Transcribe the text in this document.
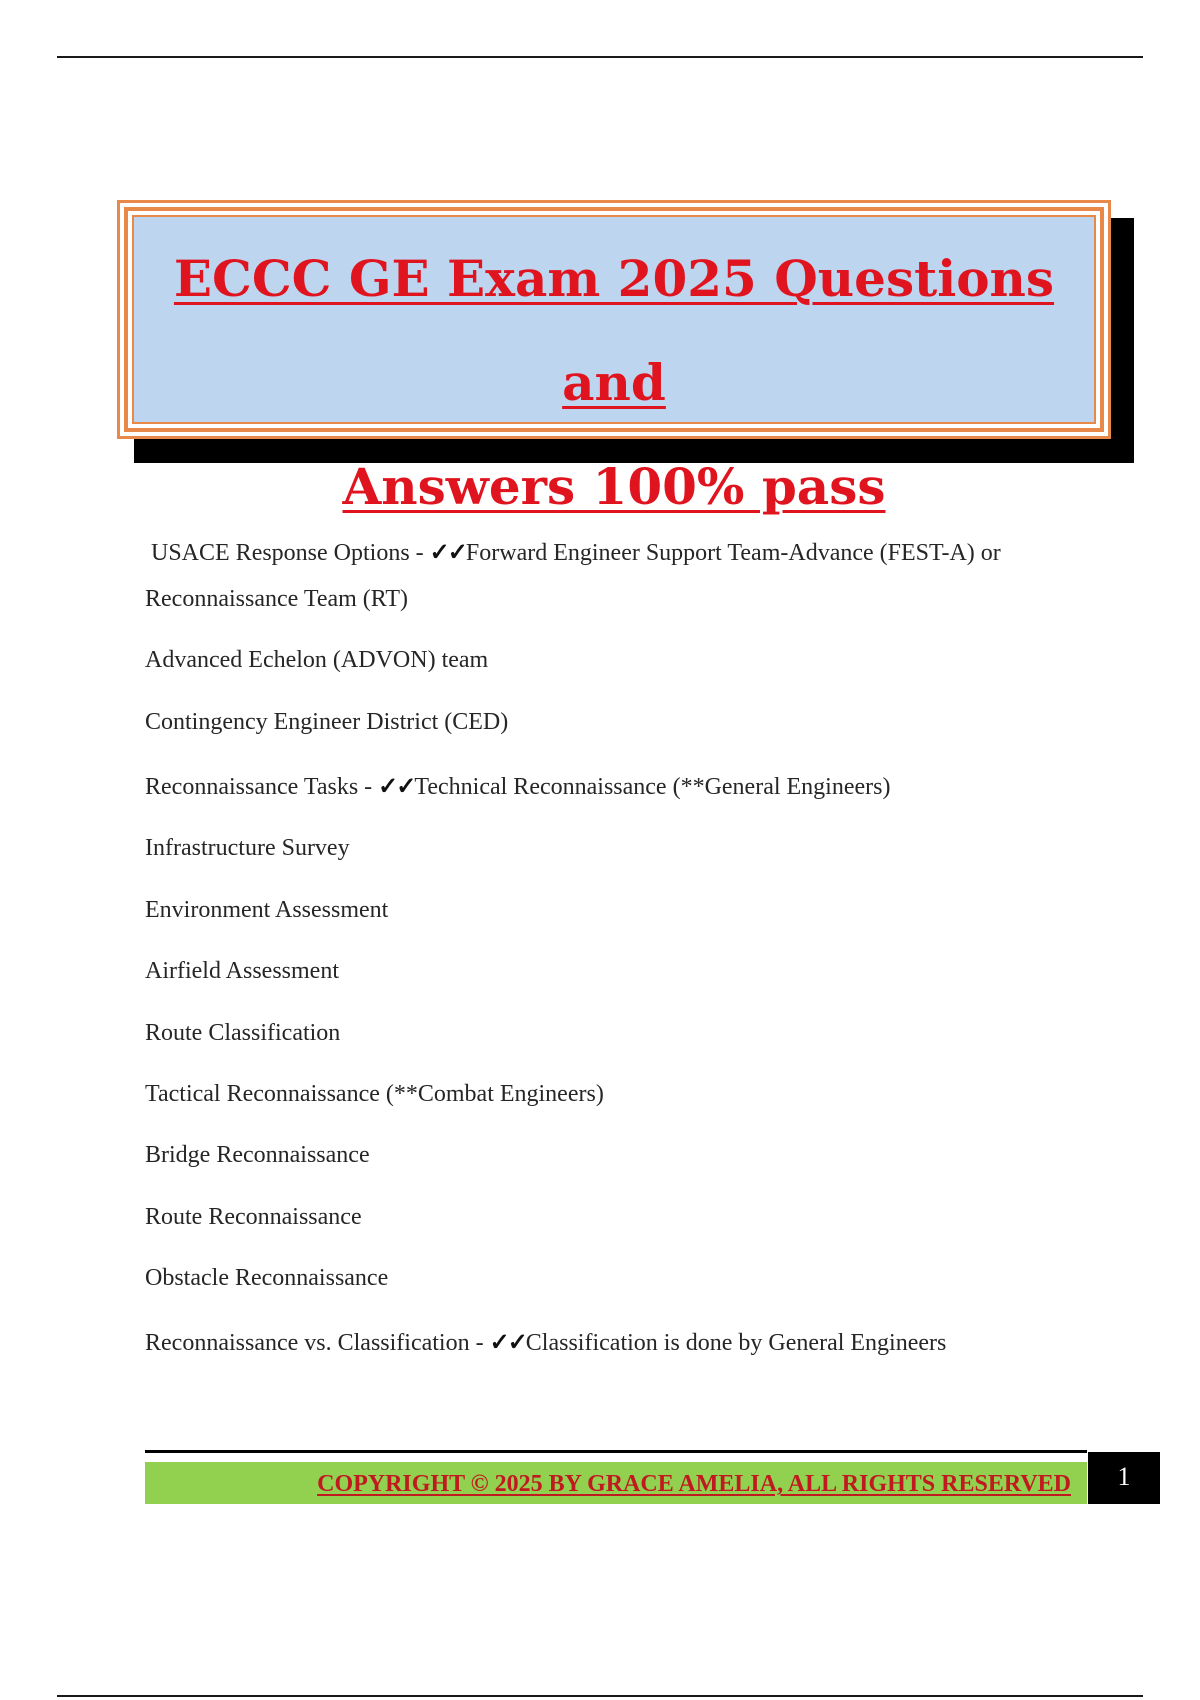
ECCC GE Exam 2025 Questions and
Answers 100% pass
USACE Response Options - ✓✓Forward Engineer Support Team-Advance (FEST-A) or
Reconnaissance Team (RT)
Advanced Echelon (ADVON) team
Contingency Engineer District (CED)
Reconnaissance Tasks - ✓✓Technical Reconnaissance (**General Engineers)
Infrastructure Survey
Environment Assessment
Airfield Assessment
Route Classification
Tactical Reconnaissance (**Combat Engineers)
Bridge Reconnaissance
Route Reconnaissance
Obstacle Reconnaissance
Reconnaissance vs. Classification - ✓✓Classification is done by General Engineers
COPYRIGHT © 2025 BY GRACE AMELIA, ALL RIGHTS RESERVED	1
